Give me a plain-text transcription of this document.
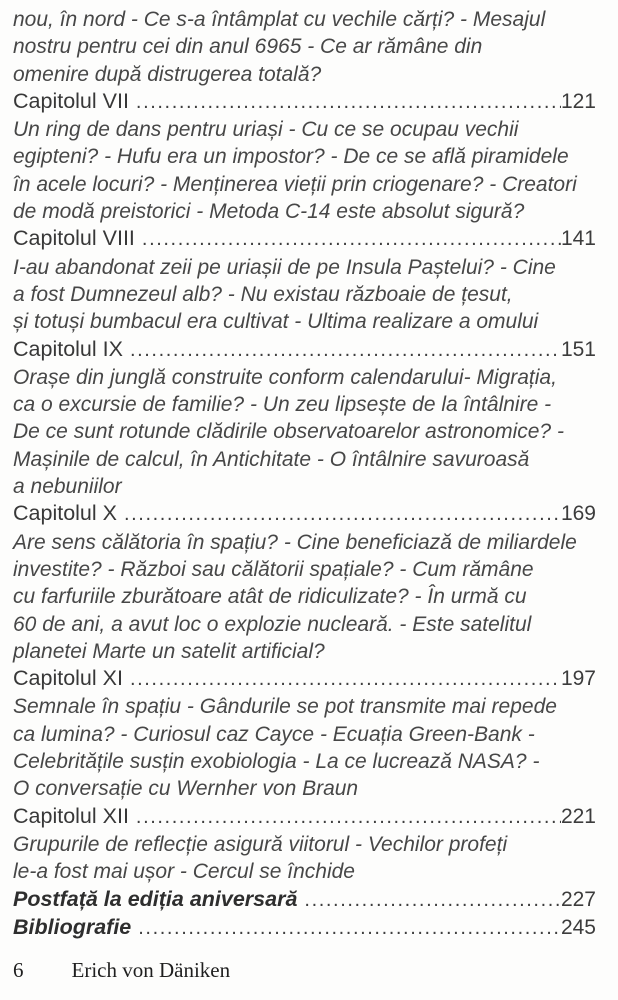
nou, în nord - Ce s-a întâmplat cu vechile cărți? - Mesajul
nostru pentru cei din anul 6965 - Ce ar rămâne din
omenire după distrugerea totală?
Capitolul VII .....	121
Un ring de dans pentru uriași - Cu ce se ocupau vechii
egipteni? - Hufu era un impostor? - De ce se află piramidele
în acele locuri? - Menținerea vieții prin criogenare? - Creatori
de modă preistorici - Metoda C-14 este absolut sigură?
Capitolul VIII .....	141
I-au abandonat zeii pe uriașii de pe Insula Paștelui? - Cine
a fost Dumnezeul alb? - Nu existau războaie de țesut,
și totuși bumbacul era cultivat - Ultima realizare a omului
Capitolul IX .....	151
Orașe din junglă construite conform calendarului- Migrația,
ca o excursie de familie? - Un zeu lipsește de la întâlnire -
De ce sunt rotunde clădirile observatoarelor astronomice? -
Mașinile de calcul, în Antichitate - O întâlnire savuroasă
a nebuniilor
Capitolul X .....	169
Are sens călătoria în spațiu? - Cine beneficiază de miliardele
investite? - Război sau călătorii spațiale? - Cum rămâne
cu farfuriile zburătoare atât de ridiculizate? - În urmă cu
60 de ani, a avut loc o explozie nucleară. - Este satelitul
planetei Marte un satelit artificial?
Capitolul XI .....	197
Semnale în spațiu - Gândurile se pot transmite mai repede
ca lumina? - Curiosul caz Cayce - Ecuația Green-Bank -
Celebritățile susțin exobiologia - La ce lucrează NASA? -
O conversație cu Wernher von Braun
Capitolul XII .....	221
Grupurile de reflecție asigură viitorul - Vechilor profeți
le-a fost mai ușor - Cercul se închide
Postfață la ediția aniversară .....	227
Bibliografie .....	245
6 Erich von Däniken
